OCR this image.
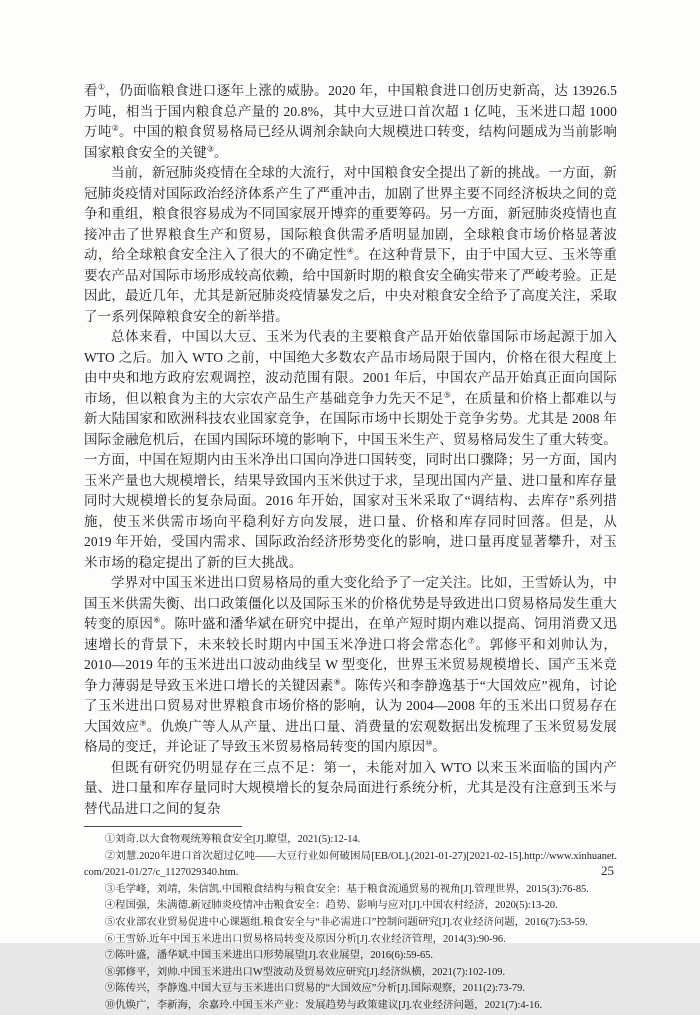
看①，仍面临粮食进口逐年上涨的威胁。2020 年，中国粮食进口创历史新高，达 13926.5 万吨，相当于国内粮食总产量的 20.8%，其中大豆进口首次超 1 亿吨，玉米进口超 1000 万吨②。中国的粮食贸易格局已经从调剂余缺向大规模进口转变，结构问题成为当前影响国家粮食安全的关键③。

当前，新冠肺炎疫情在全球的大流行，对中国粮食安全提出了新的挑战。一方面，新冠肺炎疫情对国际政治经济体系产生了严重冲击，加剧了世界主要不同经济板块之间的竞争和重组，粮食很容易成为不同国家展开博弈的重要筹码。另一方面，新冠肺炎疫情也直接冲击了世界粮食生产和贸易，国际粮食供需矛盾明显加剧，全球粮食市场价格显著波动，给全球粮食安全注入了很大的不确定性④。在这种背景下，由于中国大豆、玉米等重要农产品对国际市场形成较高依赖，给中国新时期的粮食安全确实带来了严峻考验。正是因此，最近几年，尤其是新冠肺炎疫情暴发之后，中央对粮食安全给予了高度关注，采取了一系列保障粮食安全的新举措。

总体来看，中国以大豆、玉米为代表的主要粮食产品开始依靠国际市场起源于加入 WTO 之后。加入 WTO 之前，中国绝大多数农产品市场局限于国内，价格在很大程度上由中央和地方政府宏观调控，波动范围有限。2001 年后，中国农产品开始真正面向国际市场，但以粮食为主的大宗农产品生产基础竞争力先天不足⑤，在质量和价格上都难以与新大陆国家和欧洲科技农业国家竞争，在国际市场中长期处于竞争劣势。尤其是 2008 年国际金融危机后，在国内国际环境的影响下，中国玉米生产、贸易格局发生了重大转变。一方面，中国在短期内由玉米净出口国向净进口国转变，同时出口骤降；另一方面，国内玉米产量也大规模增长，结果导致国内玉米供过于求，呈现出国内产量、进口量和库存量同时大规模增长的复杂局面。2016 年开始，国家对玉米采取了“调结构、去库存”系列措施，使玉米供需市场向平稳利好方向发展，进口量、价格和库存同时回落。但是，从 2019 年开始，受国内需求、国际政治经济形势变化的影响，进口量再度显著攀升，对玉米市场的稳定提出了新的巨大挑战。

学界对中国玉米进出口贸易格局的重大变化给予了一定关注。比如，王雪娇认为，中国玉米供需失衡、出口政策僵化以及国际玉米的价格优势是导致进出口贸易格局发生重大转变的原因⑥。陈叶盛和潘华斌在研究中提出，在单产短时期内难以提高、饲用消费又迅速增长的背景下，未来较长时期内中国玉米净进口将会常态化⑦。郭修平和刘帅认为，2010—2019 年的玉米进出口波动曲线呈 W 型变化，世界玉米贸易规模增长、国产玉米竞争力薄弱是导致玉米进口增长的关键因素⑧。陈传兴和李静逸基于“大国效应”视角，讨论了玉米进出口贸易对世界粮食市场价格的影响，认为 2004—2008 年的玉米出口贸易存在大国效应⑨。仇焕广等人从产量、进出口量、消费量的宏观数据出发梳理了玉米贸易发展格局的变迁，并论证了导致玉米贸易格局转变的国内原因⑩。

但既有研究仍明显存在三点不足：第一，未能对加入 WTO 以来玉米面临的国内产量、进口量和库存量同时大规模增长的复杂局面进行系统分析，尤其是没有注意到玉米与替代品进口之间的复杂

①刘奇.以大食物观统筹粮食安全[J].瞭望，2021(5):12-14.

②刘慧.2020年进口首次超过亿吨——大豆行业如何破困局[EB/OL].(2021-01-27)[2021-02-15].http://www.xinhuanet.com/2021-01/27/c_1127029340.htm.

③毛学峰，刘靖，朱信凯.中国粮食结构与粮食安全：基于粮食流通贸易的视角[J].管理世界，2015(3):76-85.

④程国强，朱满德.新冠肺炎疫情冲击粮食安全：趋势、影响与应对[J].中国农村经济，2020(5):13-20.

⑤农业部农业贸易促进中心课题组.粮食安全与“非必需进口”控制问题研究[J].农业经济问题，2016(7):53-59.

⑥王雪娇.近年中国玉米进出口贸易格局转变及原因分析[J].农业经济管理，2014(3):90-96.

⑦陈叶盛，潘华斌.中国玉米进出口形势展望[J].农业展望，2016(6):59-65.

⑧郭修平，刘帅.中国玉米进出口W型波动及贸易效应研究[J].经济纵横，2021(7):102-109.

⑨陈传兴，李静逸.中国大豆与玉米进出口贸易的“大国效应”分析[J].国际观察，2011(2):73-79.

⑩仇焕广，李新海，余嘉玲.中国玉米产业：发展趋势与政策建议[J].农业经济问题，2021(7):4-16.

25
